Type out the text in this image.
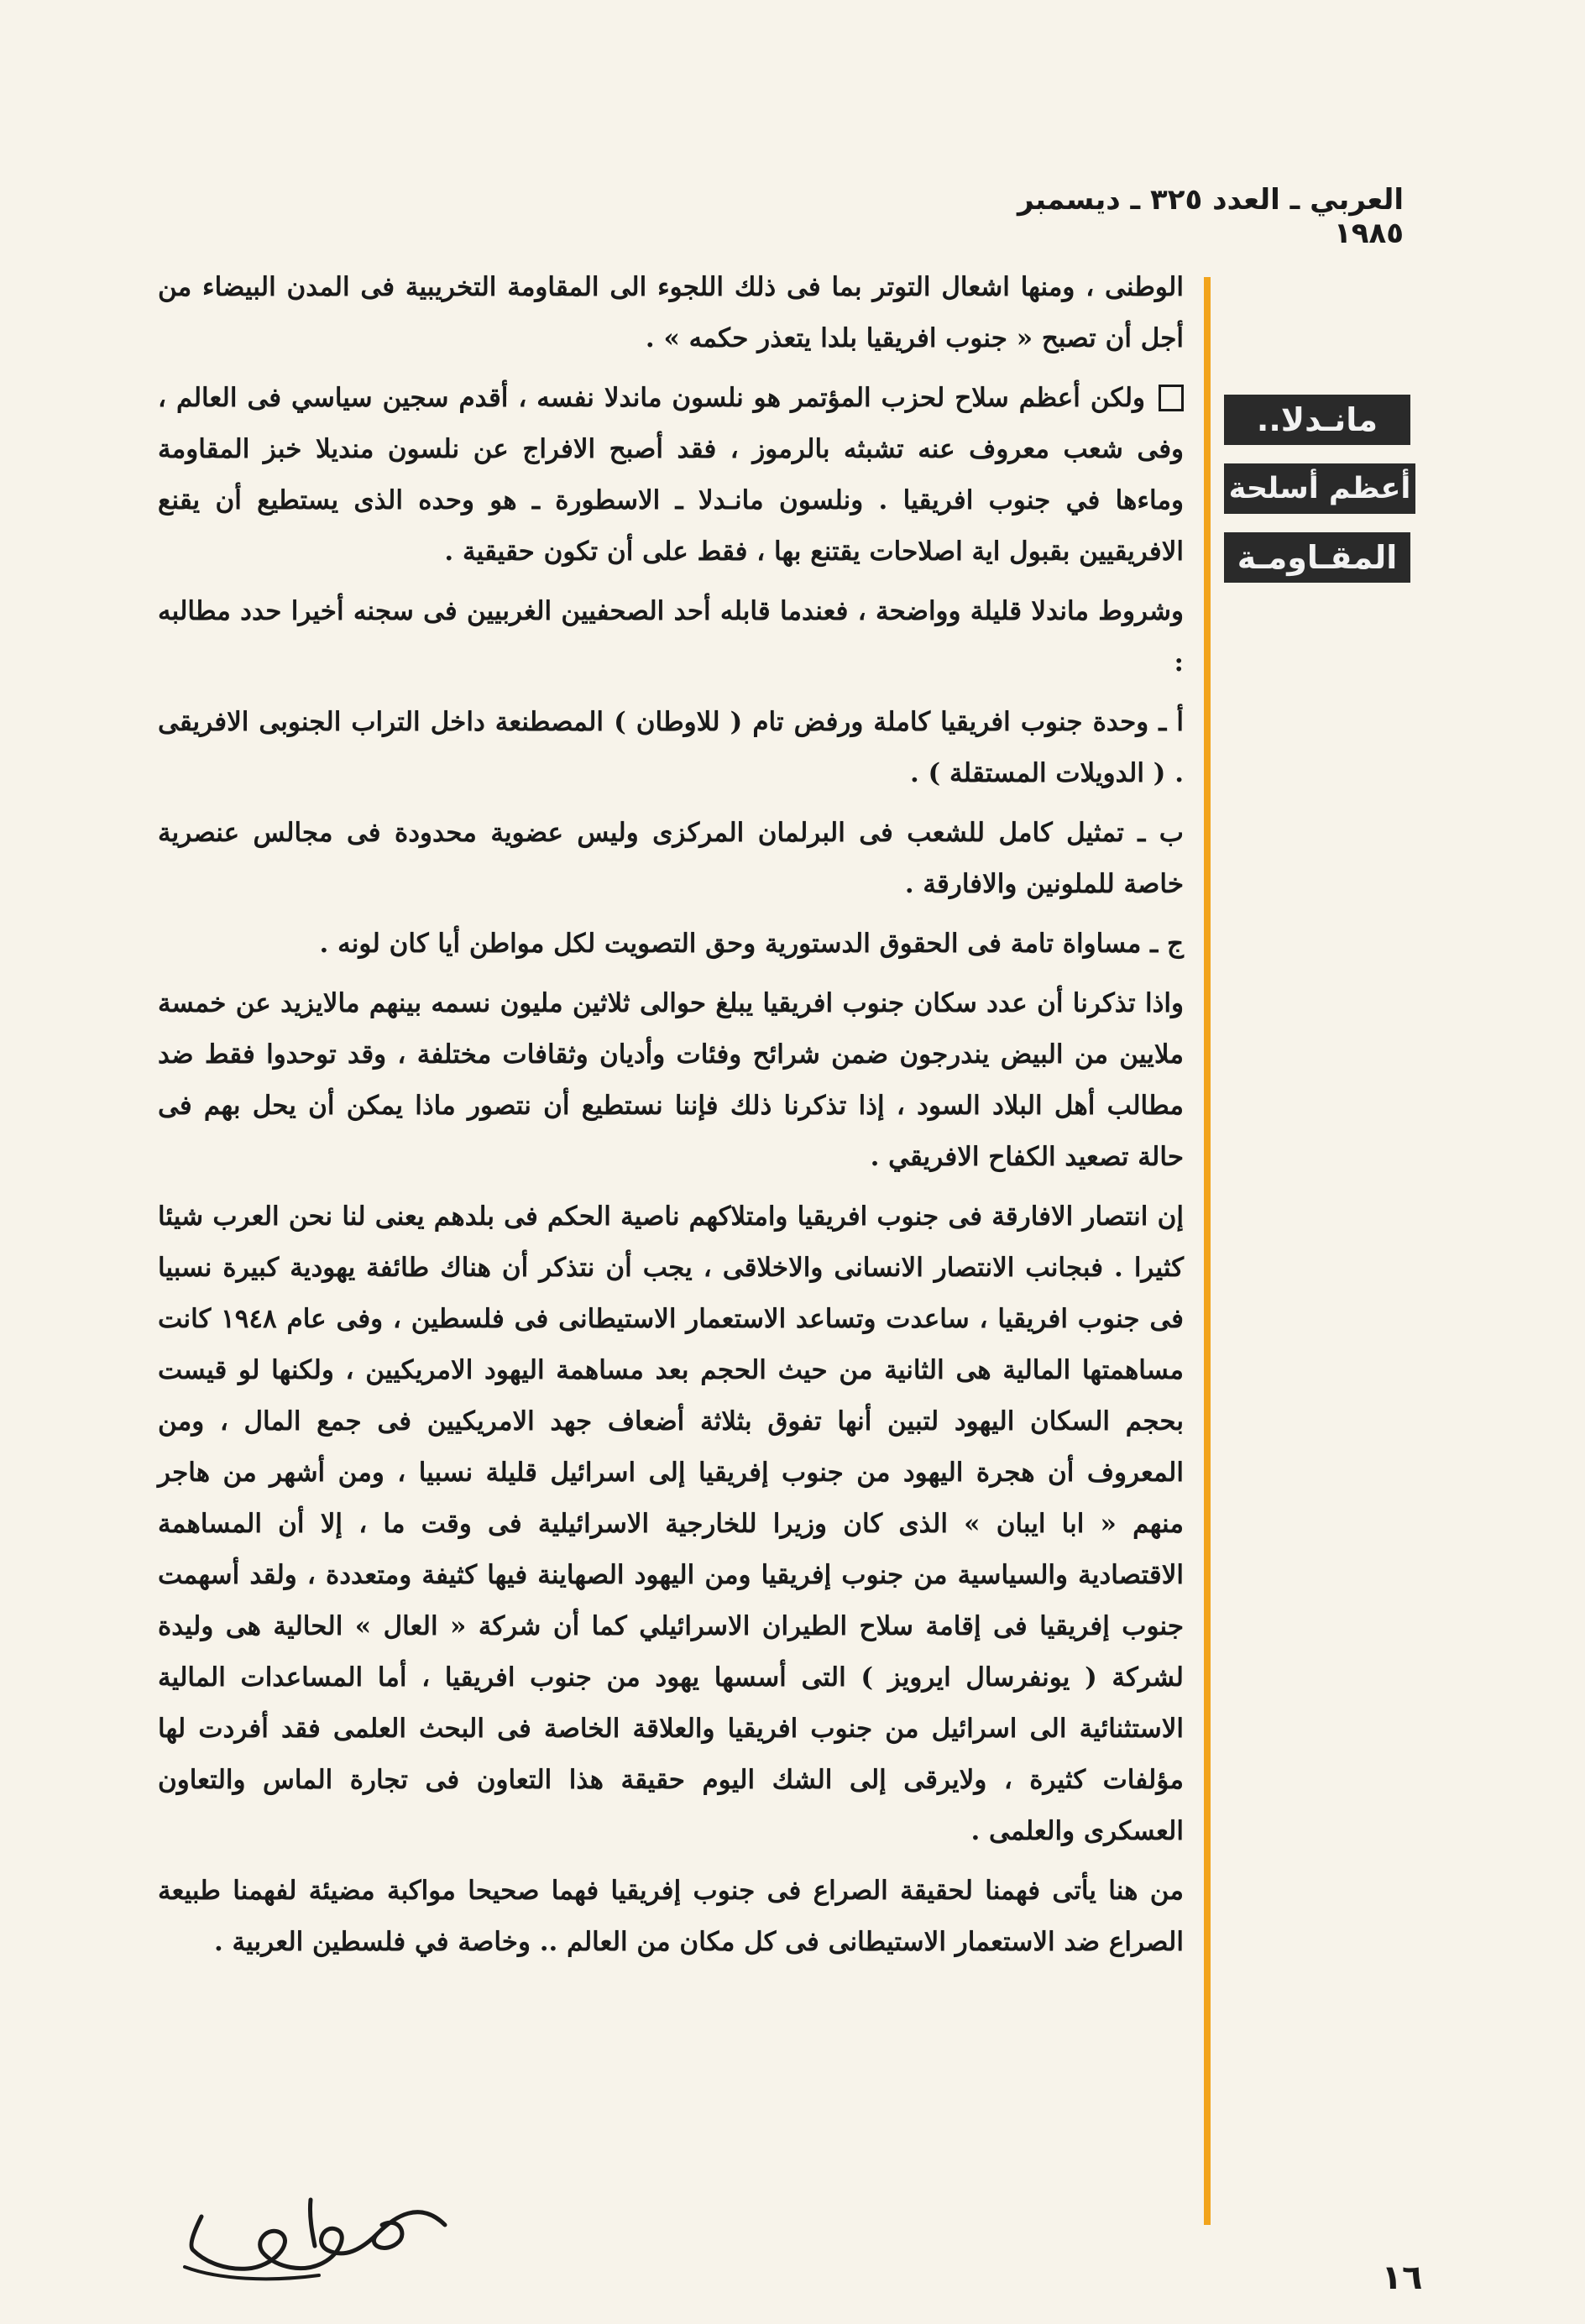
العربي ـ العدد ٣٢٥ ـ ديسمبر ١٩٨٥
مانـدلا..
أعظم أسلحة
المقـاومـة

الوطنى ، ومنها اشعال التوتر بما فى ذلك اللجوء الى المقاومة التخريبية فى المدن البيضاء من أجل أن تصبح « جنوب افريقيا بلدا يتعذر حكمه » .

ولكن أعظم سلاح لحزب المؤتمر هو نلسون ماندلا نفسه ، أقدم سجين سياسي فى العالم ، وفى شعب معروف عنه تشبثه بالرموز ، فقد أصبح الافراج عن نلسون منديلا خبز المقاومة وماءها في جنوب افريقيا . ونلسون مانـدلا ـ الاسطورة ـ هو وحده الذى يستطيع أن يقنع الافريقيين بقبول اية اصلاحات يقتنع بها ، فقط على أن تكون حقيقية .

وشروط ماندلا قليلة وواضحة ، فعندما قابله أحد الصحفيين الغربيين فى سجنه أخيرا حدد مطالبه :

أ ـ وحدة جنوب افريقيا كاملة ورفض تام ( للاوطان ) المصطنعة داخل التراب الجنوبى الافريقى . ( الدويلات المستقلة ) .

ب ـ تمثيل كامل للشعب فى البرلمان المركزى وليس عضوية محدودة فى مجالس عنصرية خاصة للملونين والافارقة .

ج ـ مساواة تامة فى الحقوق الدستورية وحق التصويت لكل مواطن أيا كان لونه .

واذا تذكرنا أن عدد سكان جنوب افريقيا يبلغ حوالى ثلاثين مليون نسمه بينهم مالايزيد عن خمسة ملايين من البيض يندرجون ضمن شرائح وفئات وأديان وثقافات مختلفة ، وقد توحدوا فقط ضد مطالب أهل البلاد السود ، إذا تذكرنا ذلك فإننا نستطيع أن نتصور ماذا يمكن أن يحل بهم فى حالة تصعيد الكفاح الافريقي .

إن انتصار الافارقة فى جنوب افريقيا وامتلاكهم ناصية الحكم فى بلدهم يعنى لنا نحن العرب شيئا كثيرا . فبجانب الانتصار الانسانى والاخلاقى ، يجب أن نتذكر أن هناك طائفة يهودية كبيرة نسبيا فى جنوب افريقيا ، ساعدت وتساعد الاستعمار الاستيطانى فى فلسطين ، وفى عام ١٩٤٨ كانت مساهمتها المالية هى الثانية من حيث الحجم بعد مساهمة اليهود الامريكيين ، ولكنها لو قيست بحجم السكان اليهود لتبين أنها تفوق بثلاثة أضعاف جهد الامريكيين فى جمع المال ، ومن المعروف أن هجرة اليهود من جنوب إفريقيا إلى اسرائيل قليلة نسبيا ، ومن أشهر من هاجر منهم « ابا ايبان » الذى كان وزيرا للخارجية الاسرائيلية فى وقت ما ، إلا أن المساهمة الاقتصادية والسياسية من جنوب إفريقيا ومن اليهود الصهاينة فيها كثيفة ومتعددة ، ولقد أسهمت جنوب إفريقيا فى إقامة سلاح الطيران الاسرائيلي كما أن شركة « العال » الحالية هى وليدة لشركة ( يونفرسال ايرويز ) التى أسسها يهود من جنوب افريقيا ، أما المساعدات المالية الاستثنائية الى اسرائيل من جنوب افريقيا والعلاقة الخاصة فى البحث العلمى فقد أفردت لها مؤلفات كثيرة ، ولايرقى إلى الشك اليوم حقيقة هذا التعاون فى تجارة الماس والتعاون العسكرى والعلمى .

من هنا يأتى فهمنا لحقيقة الصراع فى جنوب إفريقيا فهما صحيحا مواكبة مضيئة لفهمنا طبيعة الصراع ضد الاستعمار الاستيطانى فى كل مكان من العالم .. وخاصة في فلسطين العربية .

١٦
